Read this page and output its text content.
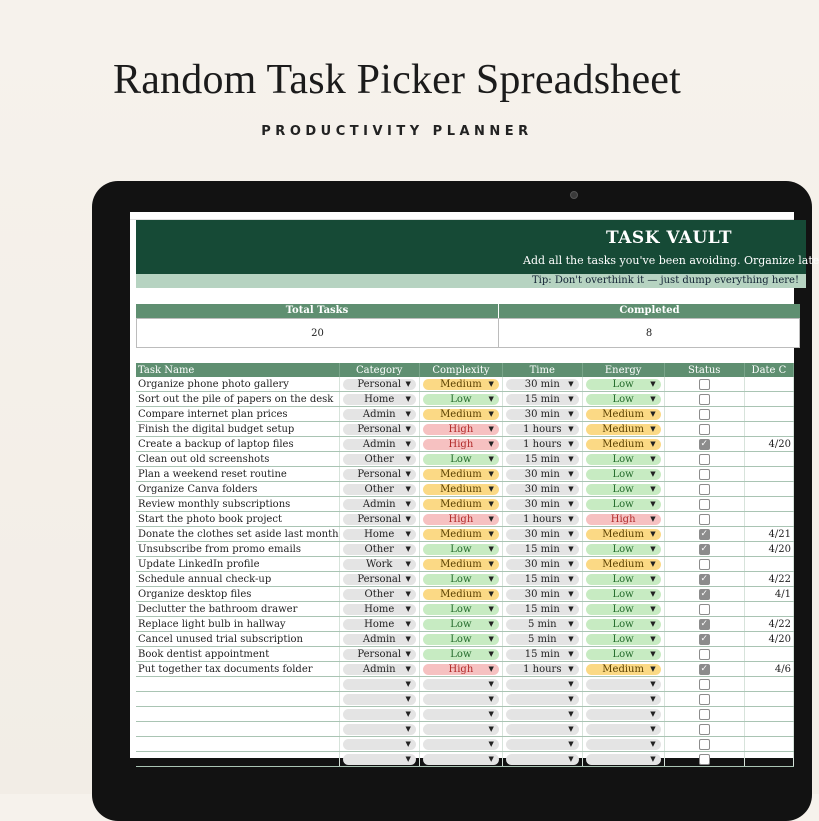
Random Task Picker Spreadsheet
PRODUCTIVITY PLANNER
TASK VAULT
Add all the tasks you've been avoiding. Organize late
Tip: Don't overthink it — just dump everything here!
Total Tasks	Completed
20	8
Task Name	Category	Complexity	Time	Energy	Status	Date C
Organize phone photo gallery	Personal ▼	Medium ▼	30 min ▼	Low ▼		

Sort out the pile of papers on the desk	Home ▼	Low ▼	15 min ▼	Low ▼		

Compare internet plan prices	Admin ▼	Medium ▼	30 min ▼	Medium ▼		

Finish the digital budget setup	Personal ▼	High ▼	1 hours ▼	Medium ▼		

Create a backup of laptop files	Admin ▼	High ▼	1 hours ▼	Medium ▼	✓	4/20
Clean out old screenshots	Other ▼	Low ▼	15 min ▼	Low ▼		

Plan a weekend reset routine	Personal ▼	Medium ▼	30 min ▼	Low ▼		

Organize Canva folders	Other ▼	Medium ▼	30 min ▼	Low ▼		

Review monthly subscriptions	Admin ▼	Medium ▼	30 min ▼	Low ▼		

Start the photo book project	Personal ▼	High ▼	1 hours ▼	High ▼		

Donate the clothes set aside last month	Home ▼	Medium ▼	30 min ▼	Medium ▼	✓	4/21
Unsubscribe from promo emails	Other ▼	Low ▼	15 min ▼	Low ▼	✓	4/20
Update LinkedIn profile	Work ▼	Medium ▼	30 min ▼	Medium ▼		

Schedule annual check-up	Personal ▼	Low ▼	15 min ▼	Low ▼	✓	4/22
Organize desktop files	Other ▼	Medium ▼	30 min ▼	Low ▼	✓	4/1
Declutter the bathroom drawer	Home ▼	Low ▼	15 min ▼	Low ▼		

Replace light bulb in hallway	Home ▼	Low ▼	5 min ▼	Low ▼	✓	4/22
Cancel unused trial subscription	Admin ▼	Low ▼	5 min ▼	Low ▼	✓	4/20
Book dentist appointment	Personal ▼	Low ▼	15 min ▼	Low ▼		

Put together tax documents folder	Admin ▼	High ▼	1 hours ▼	Medium ▼	✓	4/6

	▼	▼	▼	▼		

	▼	▼	▼	▼		

	▼	▼	▼	▼		

	▼	▼	▼	▼		

	▼	▼	▼	▼		

	▼	▼	▼	▼		
